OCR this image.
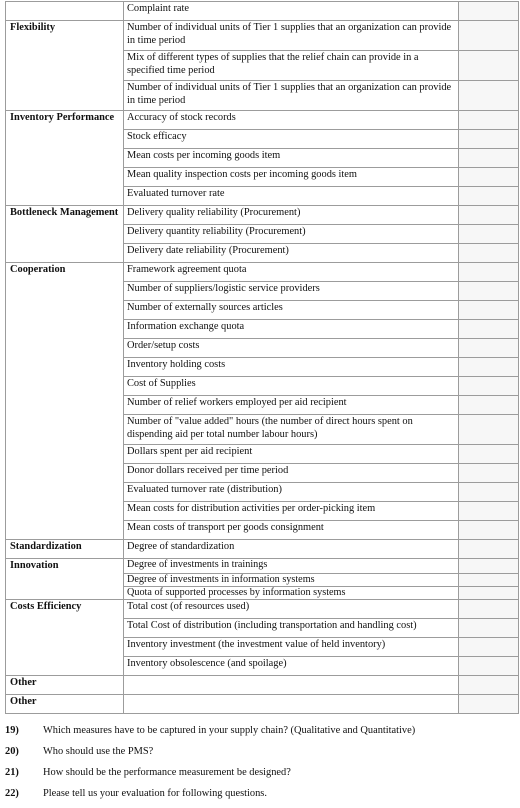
	Complaint rate	
Flexibility	Number of individual units of Tier 1 supplies that an organization can provide in time period	
	Mix of different types of supplies that the relief chain can provide in a specified time period	
	Number of individual units of Tier 1 supplies that an organization can provide in time period	
Inventory Performance	Accuracy of stock records	
	Stock efficacy	
	Mean costs per incoming goods item	
	Mean quality inspection costs per incoming goods item	
	Evaluated turnover rate	
Bottleneck Management	Delivery quality reliability (Procurement)	
	Delivery quantity reliability (Procurement)	
	Delivery date reliability (Procurement)	
Cooperation	Framework agreement quota	
	Number of suppliers/logistic service providers	
	Number of externally sources articles	
	Information exchange quota	
	Order/setup costs	
	Inventory holding costs	
	Cost of Supplies	
	Number of relief workers employed per aid recipient	
	Number of "value added" hours (the number of direct hours spent on dispending aid per total number labour hours)	
	Dollars spent per aid recipient	
	Donor dollars received per time period	
	Evaluated turnover rate (distribution)	
	Mean costs for distribution activities per order-picking item	
	Mean costs of transport per goods consignment	
Standardization	Degree of standardization	
Innovation	Degree of investments in trainings	
	Degree of investments in information systems	
	Quota of supported processes by information systems	
Costs Efficiency	Total cost (of resources used)	
	Total Cost of distribution (including transportation and handling cost)	
	Inventory investment (the investment value of held inventory)	
	Inventory obsolescence (and spoilage)	
Other		
Other		
19) Which measures have to be captured in your supply chain? (Qualitative and Quantitative)
20) Who should use the PMS?
21) How should be the performance measurement be designed?
22) Please tell us your evaluation for following questions.
